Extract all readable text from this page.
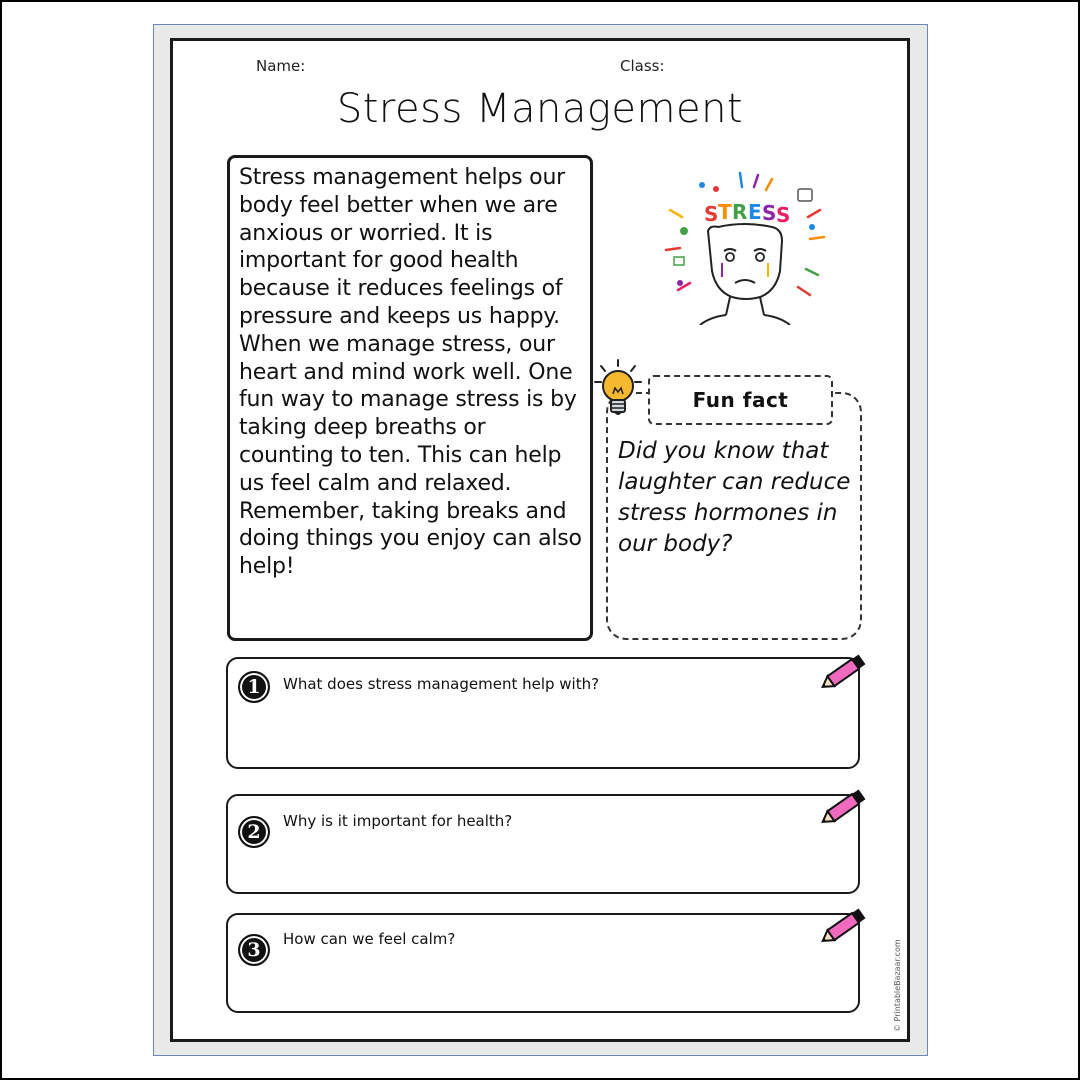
Name:	Class:
Stress Management

Stress management helps our body feel better when we are anxious or worried. It is important for good health because it reduces feelings of pressure and keeps us happy. When we manage stress, our heart and mind work well. One fun way to manage stress is by taking deep breaths or counting to ten. This can help us feel calm and relaxed. Remember, taking breaks and doing things you enjoy can also help!

S T R E S S
Fun fact

Did you know that laughter can reduce stress hormones in our body?

1	What does stress management help with?
2	Why is it important for health?
3	How can we feel calm?
© PrintableBazaar.com
